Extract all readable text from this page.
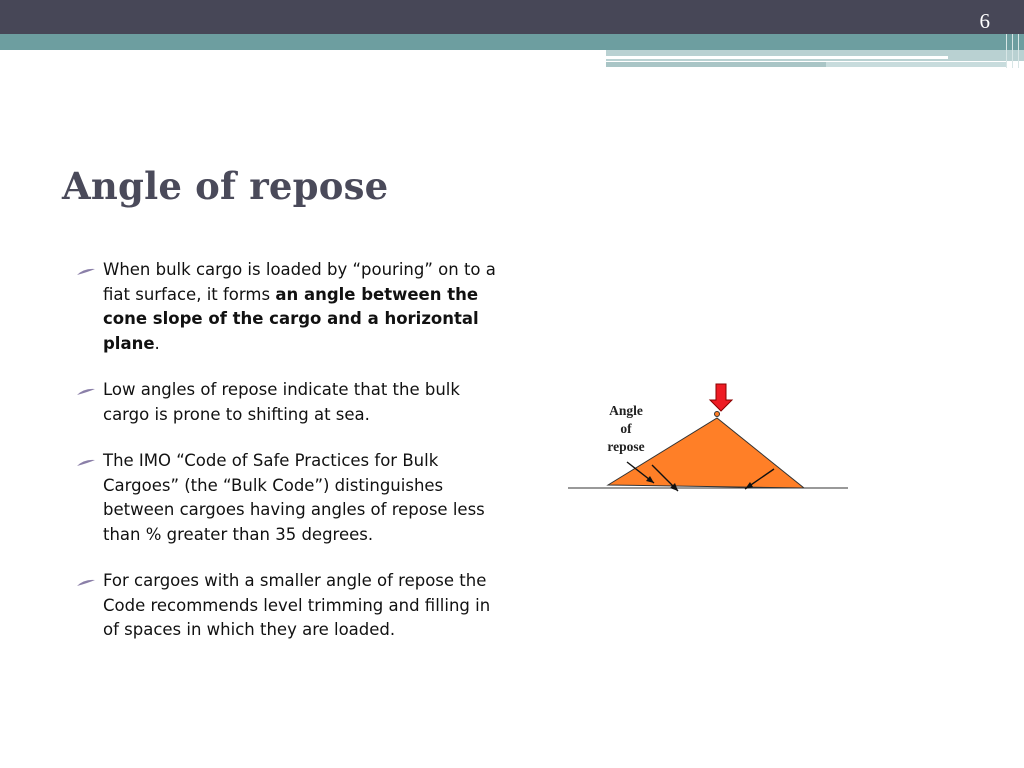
6
Angle of repose
When bulk cargo is loaded by “pouring” on to a fiat surface, it forms an angle between the cone slope of the cargo and a horizontal plane.
Low angles of repose indicate that the bulk cargo is prone to shifting at sea.
The IMO “Code of Safe Practices for Bulk Cargoes” (the “Bulk Code”) distinguishes between cargoes having angles of repose less than % greater than 35 degrees.
For cargoes with a smaller angle of repose the Code recommends level trimming and filling in of spaces in which they are loaded.
Angle
of
repose
